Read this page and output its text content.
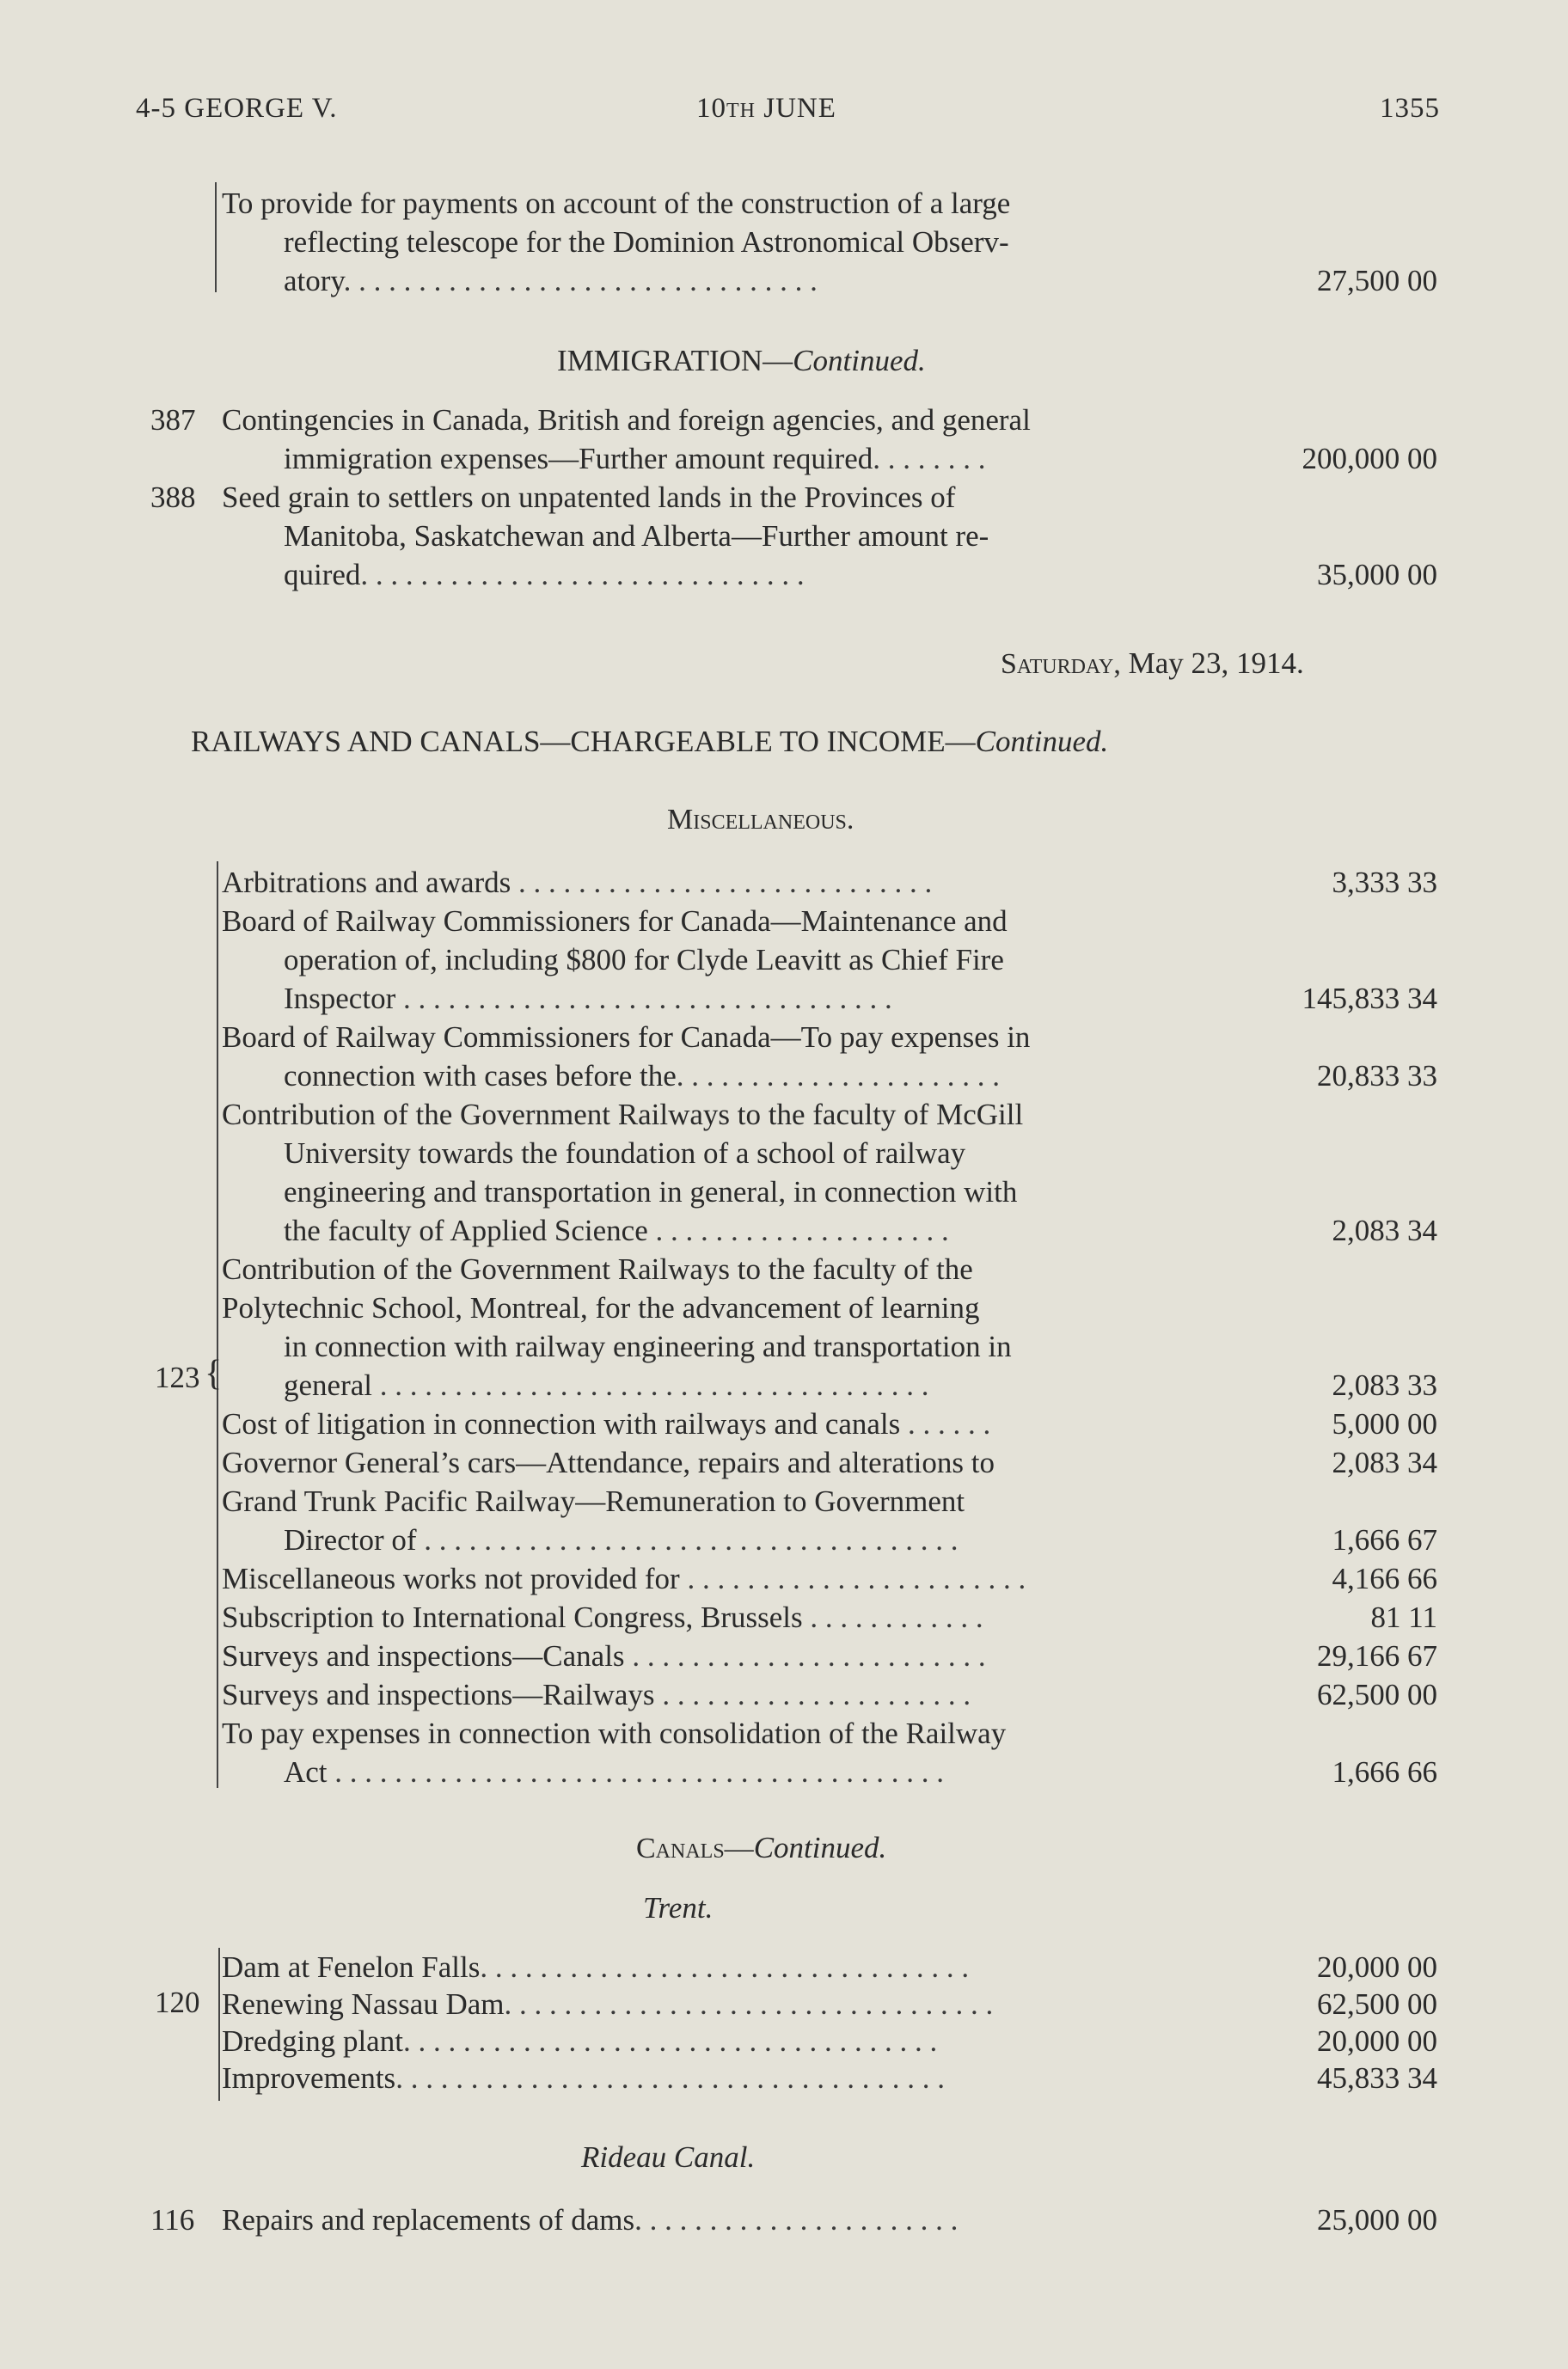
4-5 GEORGE V.	10TH JUNE	1355
To provide for payments on account of the construction of a large
reflecting telescope for the Dominion Astronomical Observ-
atory. . . . . . . . . . . . . . . . . . . . . . . . . . . . . . . .	27,500 00
IMMIGRATION—Continued.
387 Contingencies in Canada, British and foreign agencies, and general
immigration expenses—Further amount required. . . . . . . .	200,000 00
388 Seed grain to settlers on unpatented lands in the Provinces of
Manitoba, Saskatchewan and Alberta—Further amount re-
quired. . . . . . . . . . . . . . . . . . . . . . . . . . . . . .	35,000 00
Saturday, May 23, 1914.
RAILWAYS AND CANALS—CHARGEABLE TO INCOME—Continued.
Miscellaneous.
123 {
Arbitrations and awards . . . . . . . . . . . . . . . . . . . . . . . . . . . .	3,333 33
Board of Railway Commissioners for Canada—Maintenance and
operation of, including $800 for Clyde Leavitt as Chief Fire
Inspector . . . . . . . . . . . . . . . . . . . . . . . . . . . . . . . . .	145,833 34
Board of Railway Commissioners for Canada—To pay expenses in
connection with cases before the. . . . . . . . . . . . . . . . . . . . . .	20,833 33
Contribution of the Government Railways to the faculty of McGill
University towards the foundation of a school of railway
engineering and transportation in general, in connection with
the faculty of Applied Science . . . . . . . . . . . . . . . . . . . .	2,083 34
Contribution of the Government Railways to the faculty of the
Polytechnic School, Montreal, for the advancement of learning
in connection with railway engineering and transportation in
general . . . . . . . . . . . . . . . . . . . . . . . . . . . . . . . . . . . . .	2,083 33
Cost of litigation in connection with railways and canals . . . . . .	5,000 00
Governor General’s cars—Attendance, repairs and alterations to	2,083 34
Grand Trunk Pacific Railway—Remuneration to Government
Director of . . . . . . . . . . . . . . . . . . . . . . . . . . . . . . . . . . . .	1,666 67
Miscellaneous works not provided for . . . . . . . . . . . . . . . . . . . . . . .	4,166 66
Subscription to International Congress, Brussels . . . . . . . . . . . .	81 11
Surveys and inspections—Canals . . . . . . . . . . . . . . . . . . . . . . . .	29,166 67
Surveys and inspections—Railways . . . . . . . . . . . . . . . . . . . . .	62,500 00
To pay expenses in connection with consolidation of the Railway
Act . . . . . . . . . . . . . . . . . . . . . . . . . . . . . . . . . . . . . . . . .	1,666 66
Canals—Continued.
Trent.
120
Dam at Fenelon Falls. . . . . . . . . . . . . . . . . . . . . . . . . . . . . . . . .	20,000 00
Renewing Nassau Dam. . . . . . . . . . . . . . . . . . . . . . . . . . . . . . . . .	62,500 00
Dredging plant. . . . . . . . . . . . . . . . . . . . . . . . . . . . . . . . . . . .	20,000 00
Improvements. . . . . . . . . . . . . . . . . . . . . . . . . . . . . . . . . . . . .	45,833 34
Rideau Canal.
116 Repairs and replacements of dams. . . . . . . . . . . . . . . . . . . . . .	25,000 00
